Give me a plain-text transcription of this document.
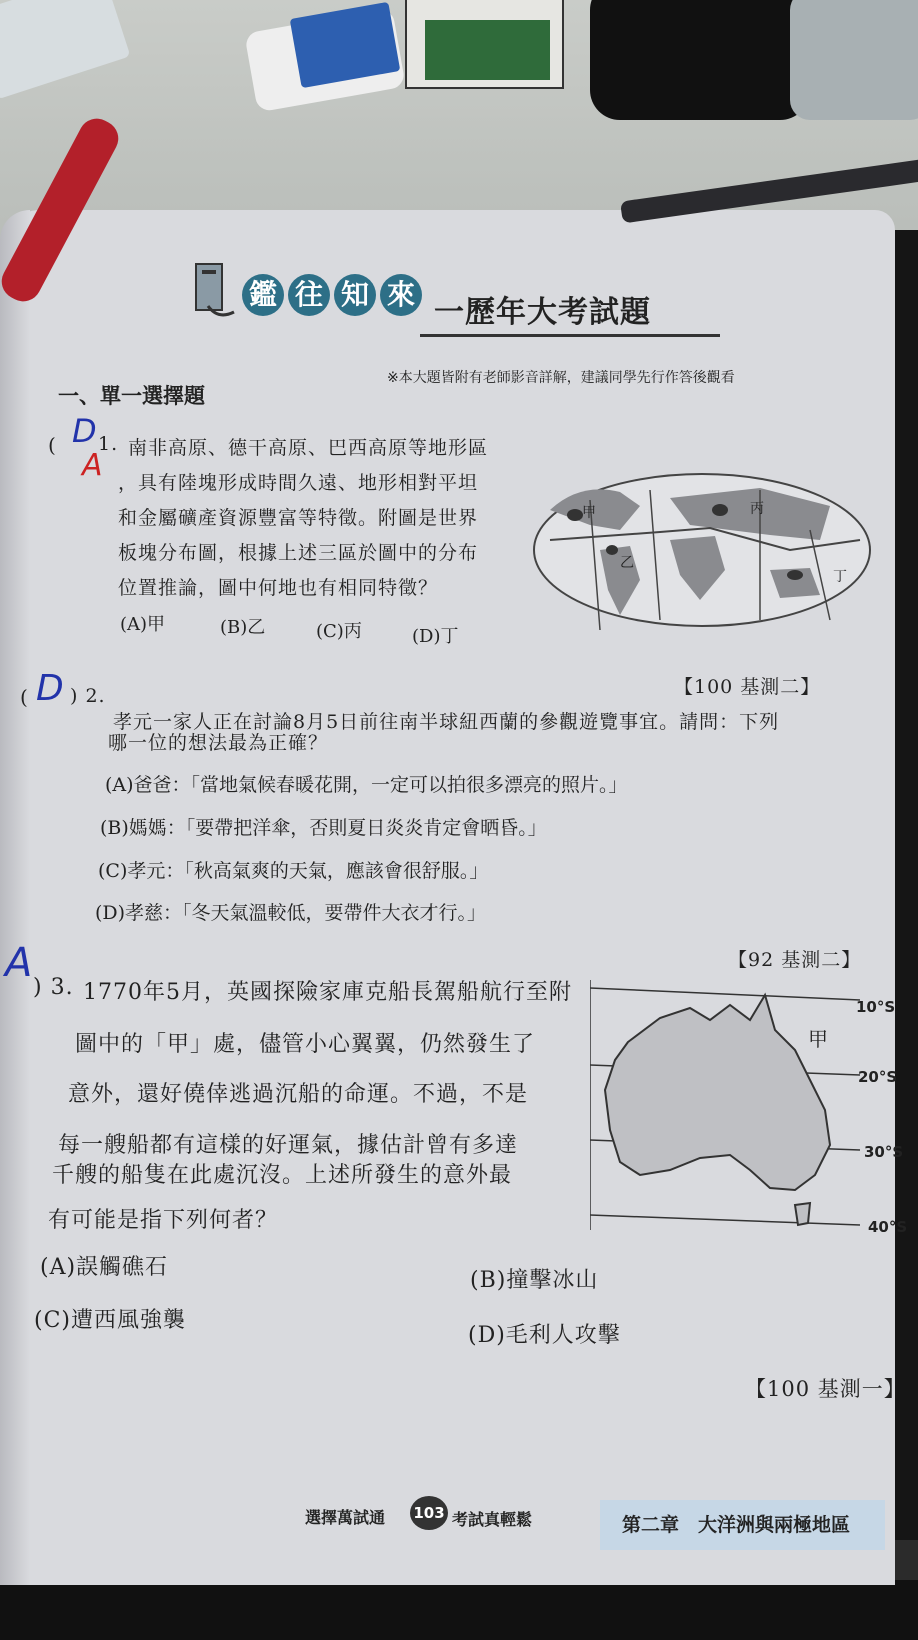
鑑 往 知 來
一歷年大考試題
※本大題皆附有老師影音詳解，建議同學先行作答後觀看
一、單一選擇題
( D
A
1. 南非高原、德干高原、巴西高原等地形區
，具有陸塊形成時間久遠、地形相對平坦
和金屬礦產資源豐富等特徵。附圖是世界
板塊分布圖，根據上述三區於圖中的分布
位置推論，圖中何地也有相同特徵？
(A)甲	(B)乙	(C)丙	(D)丁
【100 基測二】
甲
乙
丙
丁
( D ) 2.
孝元一家人正在討論8月5日前往南半球紐西蘭的參觀遊覽事宜。請問：下列
哪一位的想法最為正確？
(A)爸爸：「當地氣候春暖花開，一定可以拍很多漂亮的照片。」
(B)媽媽：「要帶把洋傘，否則夏日炎炎肯定會晒昏。」
(C)孝元：「秋高氣爽的天氣，應該會很舒服。」
(D)孝慈：「冬天氣溫較低，要帶件大衣才行。」
【92 基測二】
A
) 3. 1770年5月，英國探險家庫克船長駕船航行至附
圖中的「甲」處，儘管小心翼翼，仍然發生了
意外，還好僥倖逃過沉船的命運。不過，不是
每一艘船都有這樣的好運氣，據估計曾有多達
千艘的船隻在此處沉沒。上述所發生的意外最
有可能是指下列何者？
(A)誤觸礁石
(B)撞擊冰山
(C)遭西風強襲
(D)毛利人攻擊
【100 基測一】
甲
10°S
20°S
30°S
40°S
選擇萬試通 103 考試真輕鬆	第二章　大洋洲與兩極地區
